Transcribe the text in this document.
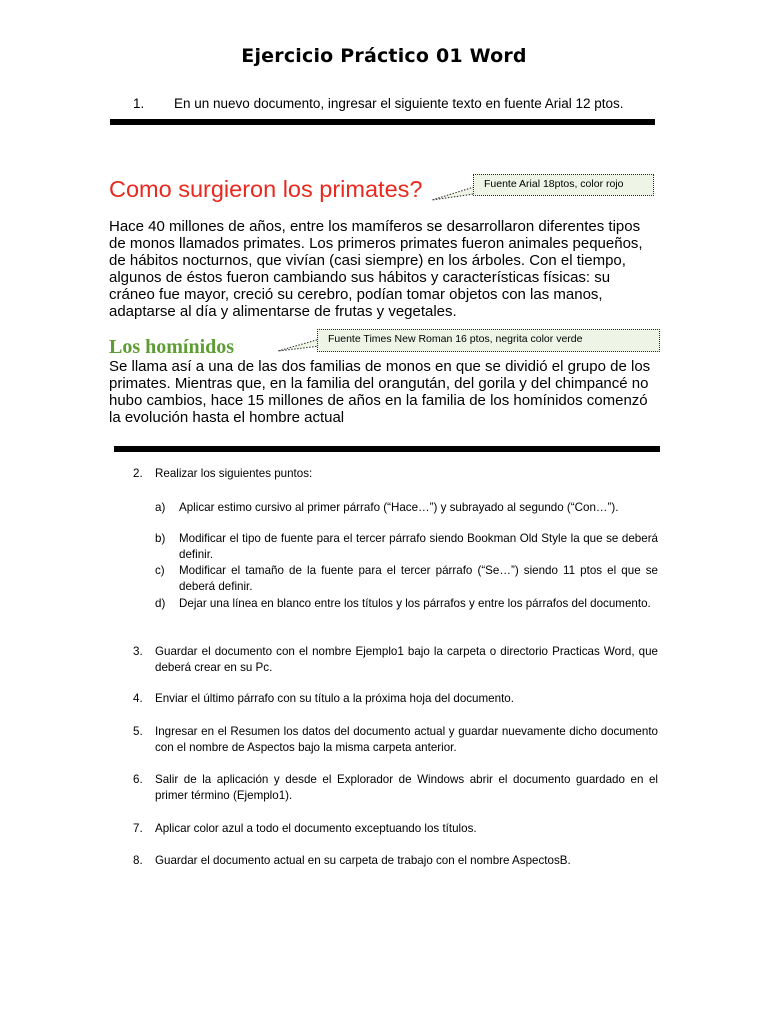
Ejercicio Práctico 01 Word
1. En un nuevo documento, ingresar el siguiente texto en fuente Arial 12 ptos.
Como surgieron los primates?	Fuente Arial 18ptos, color rojo
Hace 40 millones de años, entre los mamíferos se desarrollaron diferentes tipos de monos llamados primates. Los primeros primates fueron animales pequeños, de hábitos nocturnos, que vivían (casi siempre) en los árboles. Con el tiempo, algunos de éstos fueron cambiando sus hábitos y características físicas: su cráneo fue mayor, creció su cerebro, podían tomar objetos con las manos, adaptarse al día y alimentarse de frutas y vegetales.
Los homínidos	Fuente Times New Roman 16 ptos, negrita color verde
Se llama así a una de las dos familias de monos en que se dividió el grupo de los primates. Mientras que, en la familia del orangután, del gorila y del chimpancé no hubo cambios, hace 15 millones de años en la familia de los homínidos comenzó la evolución hasta el hombre actual
2. Realizar los siguientes puntos:
a) Aplicar estimo cursivo al primer párrafo (“Hace…”) y subrayado al segundo (“Con…”).
b) Modificar el tipo de fuente para el tercer párrafo siendo Bookman Old Style la que se deberá definir.
c) Modificar el tamaño de la fuente para el tercer párrafo (“Se…”) siendo 11 ptos el que se deberá definir.
d) Dejar una línea en blanco entre los títulos y los párrafos y entre los párrafos del documento.
3. Guardar el documento con el nombre Ejemplo1 bajo la carpeta o directorio Practicas Word, que deberá crear en su Pc.
4. Enviar el último párrafo con su título a la próxima hoja del documento.
5. Ingresar en el Resumen los datos del documento actual y guardar nuevamente dicho documento con el nombre de Aspectos bajo la misma carpeta anterior.
6. Salir de la aplicación y desde el Explorador de Windows abrir el documento guardado en el primer término (Ejemplo1).
7. Aplicar color azul a todo el documento exceptuando los títulos.
8. Guardar el documento actual en su carpeta de trabajo con el nombre AspectosB.
